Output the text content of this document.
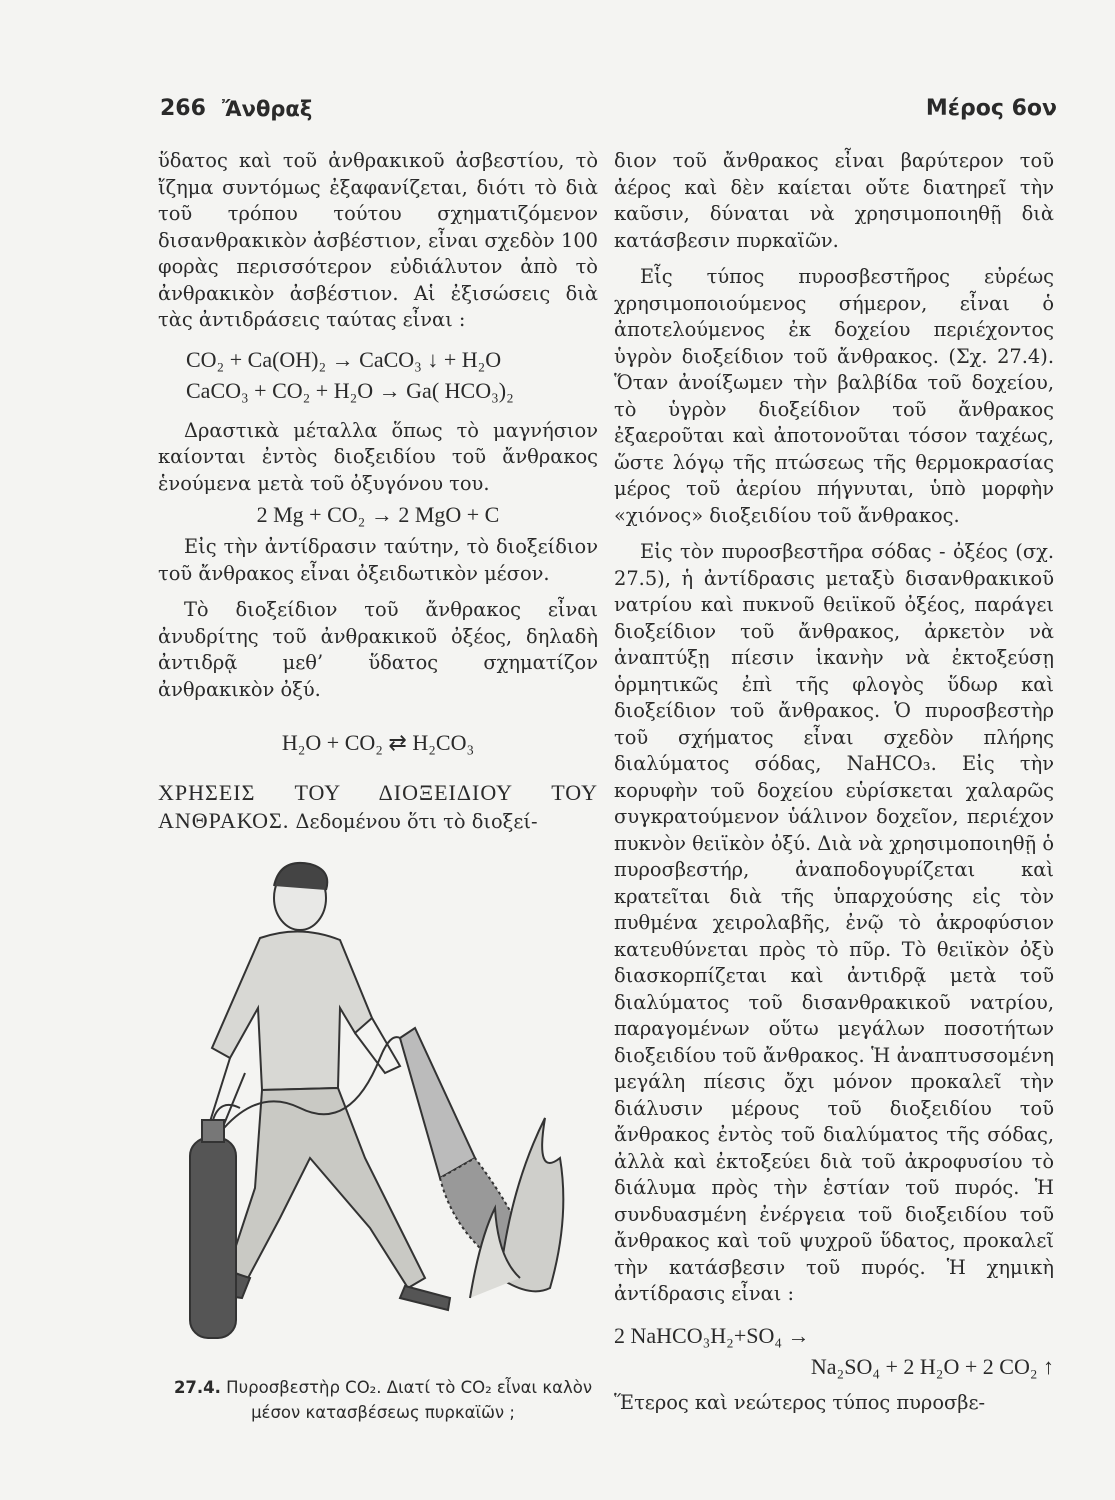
266 Ἄνθραξ	Μέρος 6ον

ὕδατος καὶ τοῦ ἀνθρακικοῦ ἀσβεστίου, τὸ ἴζημα συντόμως ἐξαφανίζεται, διότι τὸ διὰ τοῦ τρόπου τούτου σχηματιζόμενον δισανθρακικὸν ἀσβέστιον, εἶναι σχεδὸν 100 φορὰς περισσότερον εὐδιάλυτον ἀπὸ τὸ ἀνθρακικὸν ἀσβέστιον. Αἱ ἐξισώσεις διὰ τὰς ἀντιδράσεις ταύτας εἶναι :

CO₂ + Ca(OH)₂ → CaCO₃ ↓ + H₂O
CaCO₃ + CO₂ + H₂O → Ga( HCO₃)₂

Δραστικὰ μέταλλα ὅπως τὸ μαγνήσιον καίονται ἐντὸς διοξειδίου τοῦ ἄνθρακος ἑνούμενα μετὰ τοῦ ὀξυγόνου του.

2 Mg + CO₂ → 2 MgO + C

Εἰς τὴν ἀντίδρασιν ταύτην, τὸ διοξείδιον τοῦ ἄνθρακος εἶναι ὀξειδωτικὸν μέσον.

Τὸ διοξείδιον τοῦ ἄνθρακος εἶναι ἀνυδρίτης τοῦ ἀνθρακικοῦ ὀξέος, δηλαδὴ ἀντιδρᾷ μεθ’ ὕδατος σχηματίζον ἀνθρακικὸν ὀξύ.

H₂O + CO₂ ⇄ H₂CO₃

ΧΡΗΣΕΙΣ ΤΟΥ ΔΙΟΞΕΙΔΙΟΥ ΤΟΥ ΑΝΘΡΑΚΟΣ. Δεδομένου ὅτι τὸ διοξεί-

27.4. Πυροσβεστὴρ CO₂. Διατί τὸ CO₂ εἶναι καλὸν μέσον κατασβέσεως πυρκαϊῶν ;

διον τοῦ ἄνθρακος εἶναι βαρύτερον τοῦ ἀέρος καὶ δὲν καίεται οὔτε διατηρεῖ τὴν καῦσιν, δύναται νὰ χρησιμοποιηθῇ διὰ κατάσβεσιν πυρκαϊῶν.

Εἷς τύπος πυροσβεστῆρος εὐρέως χρησιμοποιούμενος σήμερον, εἶναι ὁ ἀποτελούμενος ἐκ δοχείου περιέχοντος ὑγρὸν διοξείδιον τοῦ ἄνθρακος. (Σχ. 27.4). Ὅταν ἀνοίξωμεν τὴν βαλβίδα τοῦ δοχείου, τὸ ὑγρὸν διοξείδιον τοῦ ἄνθρακος ἐξαεροῦται καὶ ἀποτονοῦται τόσον ταχέως, ὥστε λόγῳ τῆς πτώσεως τῆς θερμοκρασίας μέρος τοῦ ἀερίου πήγνυται, ὑπὸ μορφὴν «χιόνος» διοξειδίου τοῦ ἄνθρακος.

Εἰς τὸν πυροσβεστῆρα σόδας - ὀξέος (σχ. 27.5), ἡ ἀντίδρασις μεταξὺ δισανθρακικοῦ νατρίου καὶ πυκνοῦ θειϊκοῦ ὀξέος, παράγει διοξείδιον τοῦ ἄνθρακος, ἀρκετὸν νὰ ἀναπτύξῃ πίεσιν ἱκανὴν νὰ ἐκτοξεύσῃ ὁρμητικῶς ἐπὶ τῆς φλογὸς ὕδωρ καὶ διοξείδιον τοῦ ἄνθρακος. Ὁ πυροσβεστὴρ τοῦ σχήματος εἶναι σχεδὸν πλήρης διαλύματος σόδας, NaHCO₃. Εἰς τὴν κορυφὴν τοῦ δοχείου εὑρίσκεται χαλαρῶς συγκρατούμενον ὑάλινον δοχεῖον, περιέχον πυκνὸν θειϊκὸν ὀξύ. Διὰ νὰ χρησιμοποιηθῇ ὁ πυροσβεστήρ, ἀναποδογυρίζεται καὶ κρατεῖται διὰ τῆς ὑπαρχούσης εἰς τὸν πυθμένα χειρολαβῆς, ἐνῷ τὸ ἀκροφύσιον κατευθύνεται πρὸς τὸ πῦρ. Τὸ θειϊκὸν ὀξὺ διασκορπίζεται καὶ ἀντιδρᾷ μετὰ τοῦ διαλύματος τοῦ δισανθρακικοῦ νατρίου, παραγομένων οὕτω μεγάλων ποσοτήτων διοξειδίου τοῦ ἄνθρακος. Ἡ ἀναπτυσσομένη μεγάλη πίεσις ὄχι μόνον προκαλεῖ τὴν διάλυσιν μέρους τοῦ διοξειδίου τοῦ ἄνθρακος ἐντὸς τοῦ διαλύματος τῆς σόδας, ἀλλὰ καὶ ἐκτοξεύει διὰ τοῦ ἀκροφυσίου τὸ διάλυμα πρὸς τὴν ἑστίαν τοῦ πυρός. Ἡ συνδυασμένη ἐνέργεια τοῦ διοξειδίου τοῦ ἄνθρακος καὶ τοῦ ψυχροῦ ὕδατος, προκαλεῖ τὴν κατάσβεσιν τοῦ πυρός. Ἡ χημικὴ ἀντίδρασις εἶναι :

2 NaHCO₃H₂+SO₄ →
Na₂SO₄ + 2 H₂O + 2 CO₂ ↑

Ἕτερος καὶ νεώτερος τύπος πυροσβε-
